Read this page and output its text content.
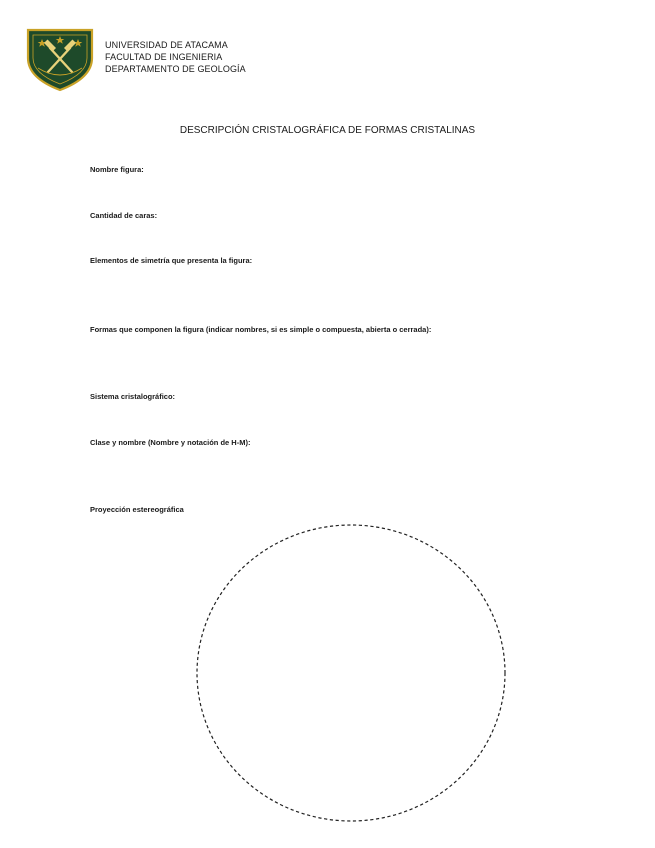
UNIVERSIDAD DE ATACAMA
FACULTAD DE INGENIERIA
DEPARTAMENTO DE GEOLOGÍA
DESCRIPCIÓN CRISTALOGRÁFICA DE FORMAS CRISTALINAS
Nombre figura:
Cantidad de caras:
Elementos de simetría que presenta la figura:
Formas que componen la figura (indicar nombres, si es simple o compuesta, abierta o cerrada):
Sistema cristalográfico:
Clase y nombre (Nombre y notación de H-M):
Proyección estereográfica
